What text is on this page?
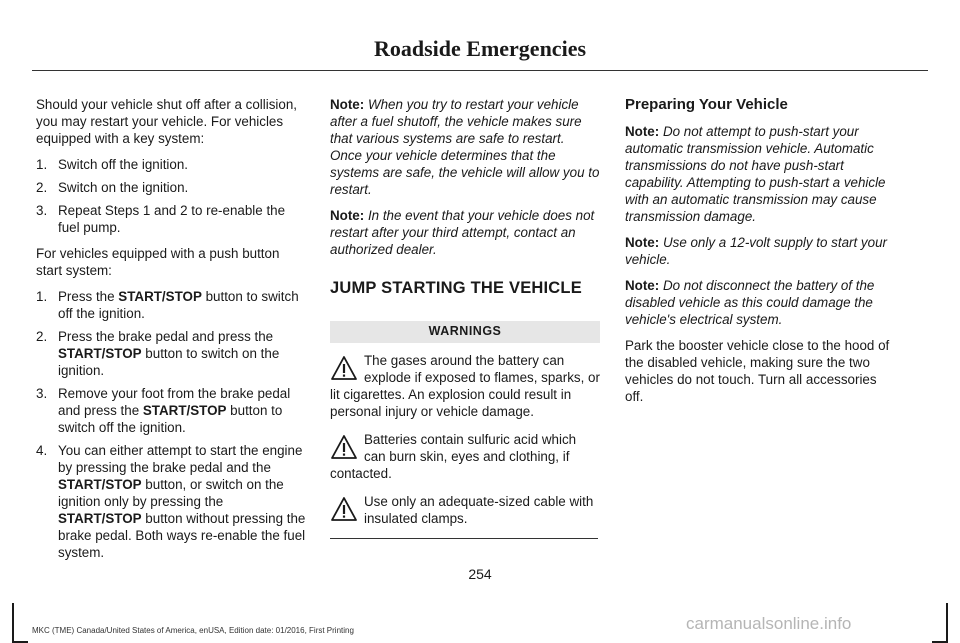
Roadside Emergencies

Should your vehicle shut off after a collision, you may restart your vehicle. For vehicles equipped with a key system:

1. Switch off the ignition.
2. Switch on the ignition.
3. Repeat Steps 1 and 2 to re-enable the fuel pump.

For vehicles equipped with a push button start system:

1. Press the START/STOP button to switch off the ignition.
2. Press the brake pedal and press the START/STOP button to switch on the ignition.
3. Remove your foot from the brake pedal and press the START/STOP button to switch off the ignition.
4. You can either attempt to start the engine by pressing the brake pedal and the START/STOP button, or switch on the ignition only by pressing the START/STOP button without pressing the brake pedal. Both ways re-enable the fuel system.

Note: When you try to restart your vehicle after a fuel shutoff, the vehicle makes sure that various systems are safe to restart. Once your vehicle determines that the systems are safe, the vehicle will allow you to restart.

Note: In the event that your vehicle does not restart after your third attempt, contact an authorized dealer.

JUMP STARTING THE VEHICLE
WARNINGS
The gases around the battery can explode if exposed to flames, sparks, or lit cigarettes. An explosion could result in personal injury or vehicle damage.
Batteries contain sulfuric acid which can burn skin, eyes and clothing, if contacted.
Use only an adequate-sized cable with insulated clamps.
Preparing Your Vehicle

Note: Do not attempt to push-start your automatic transmission vehicle. Automatic transmissions do not have push-start capability. Attempting to push-start a vehicle with an automatic transmission may cause transmission damage.

Note: Use only a 12-volt supply to start your vehicle.

Note: Do not disconnect the battery of the disabled vehicle as this could damage the vehicle's electrical system.

Park the booster vehicle close to the hood of the disabled vehicle, making sure the two vehicles do not touch. Turn all accessories off.

254
MKC (TME) Canada/United States of America, enUSA, Edition date: 01/2016, First Printing	carmanualsonline.info
